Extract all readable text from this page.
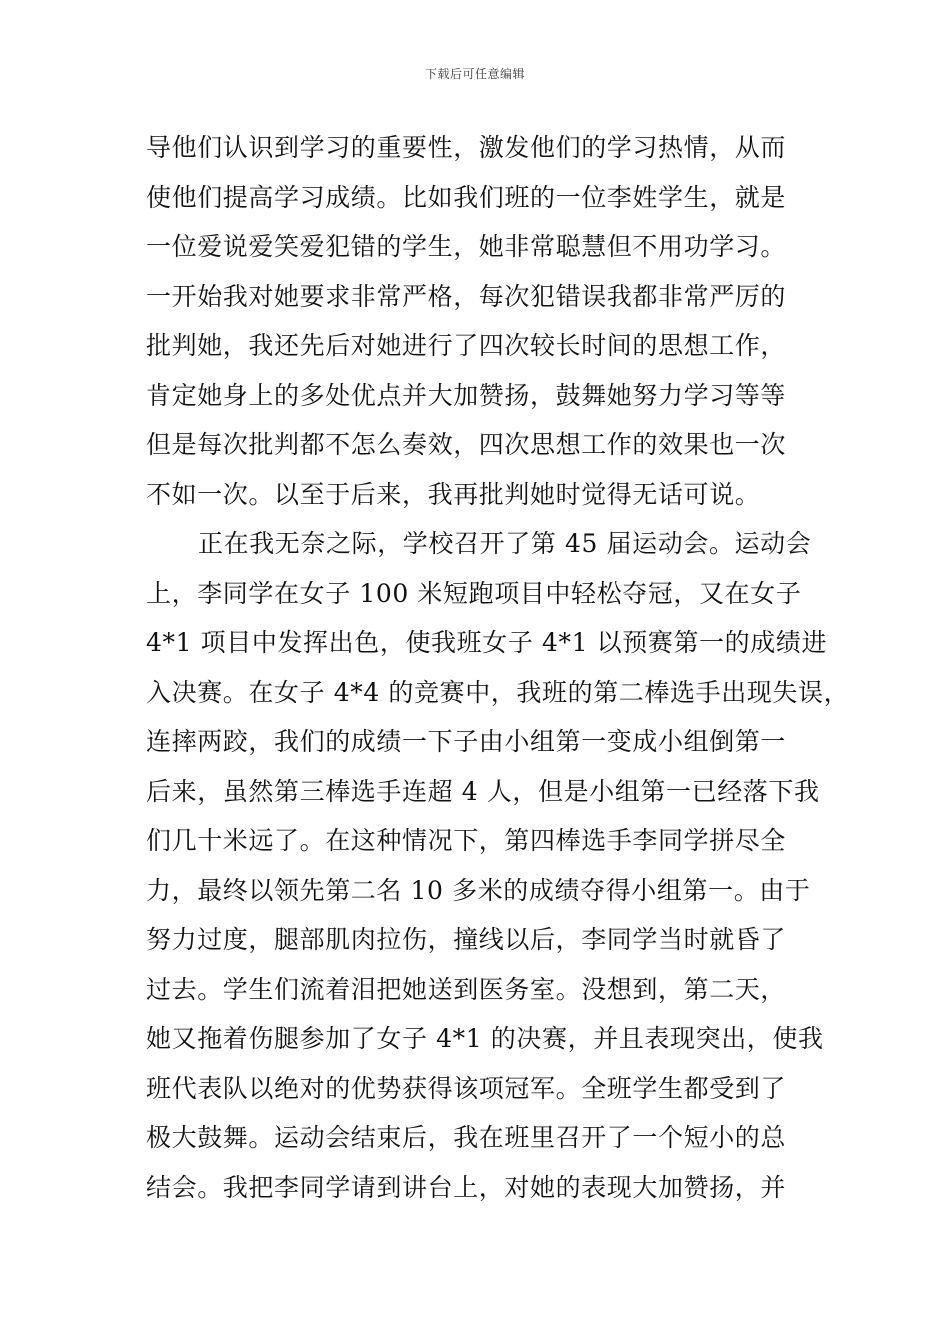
下载后可任意编辑
导他们认识到学习的重要性，激发他们的学习热情，从而
使他们提高学习成绩。比如我们班的一位李姓学生，就是
一位爱说爱笑爱犯错的学生，她非常聪慧但不用功学习。
一开始我对她要求非常严格，每次犯错误我都非常严厉的
批判她，我还先后对她进行了四次较长时间的思想工作，
肯定她身上的多处优点并大加赞扬，鼓舞她努力学习等等
但是每次批判都不怎么奏效，四次思想工作的效果也一次
不如一次。以至于后来，我再批判她时觉得无话可说。
正在我无奈之际，学校召开了第 45 届运动会。运动会
上，李同学在女子 100 米短跑项目中轻松夺冠，又在女子
4*1 项目中发挥出色，使我班女子 4*1 以预赛第一的成绩进
入决赛。在女子 4*4 的竞赛中，我班的第二棒选手出现失误，
连摔两跤，我们的成绩一下子由小组第一变成小组倒第一
后来，虽然第三棒选手连超 4 人，但是小组第一已经落下我
们几十米远了。在这种情况下，第四棒选手李同学拼尽全
力，最终以领先第二名 10 多米的成绩夺得小组第一。由于
努力过度，腿部肌肉拉伤，撞线以后，李同学当时就昏了
过去。学生们流着泪把她送到医务室。没想到，第二天，
她又拖着伤腿参加了女子 4*1 的决赛，并且表现突出，使我
班代表队以绝对的优势获得该项冠军。全班学生都受到了
极大鼓舞。运动会结束后，我在班里召开了一个短小的总
结会。我把李同学请到讲台上，对她的表现大加赞扬，并
